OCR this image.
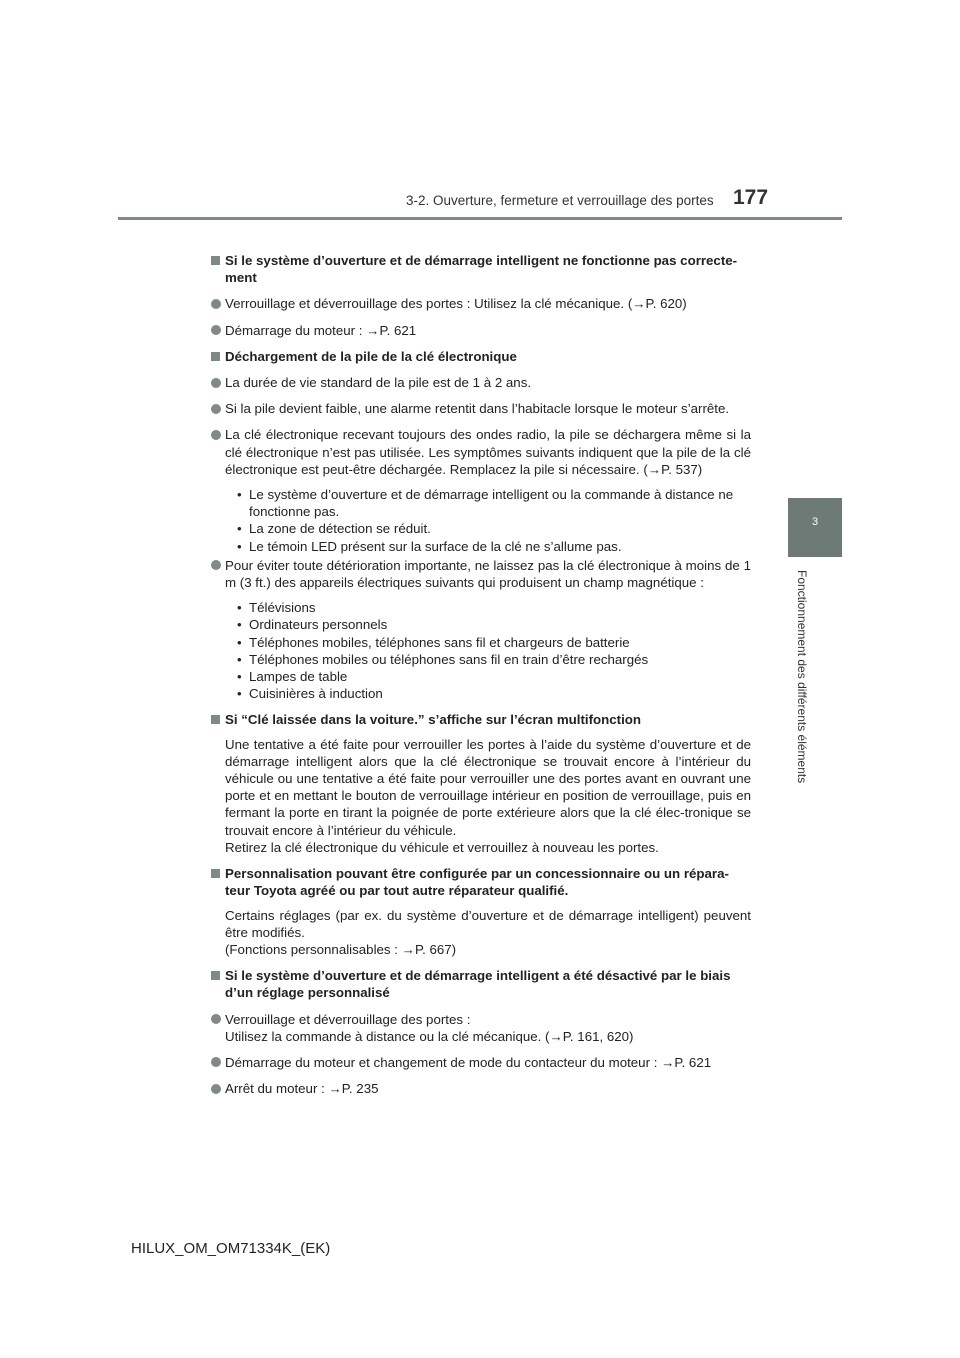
3-2. Ouverture, fermeture et verrouillage des portes 177
3
Fonctionnement des différents éléments
Si le système d’ouverture et de démarrage intelligent ne fonctionne pas correcte-ment
Verrouillage et déverrouillage des portes : Utilisez la clé mécanique. (→P. 620)
Démarrage du moteur : →P. 621
Déchargement de la pile de la clé électronique
La durée de vie standard de la pile est de 1 à 2 ans.
Si la pile devient faible, une alarme retentit dans l’habitacle lorsque le moteur s’arrête.
La clé électronique recevant toujours des ondes radio, la pile se déchargera même si la clé électronique n’est pas utilisée. Les symptômes suivants indiquent que la pile de la clé électronique est peut-être déchargée. Remplacez la pile si nécessaire. (→P. 537)
• Le système d’ouverture et de démarrage intelligent ou la commande à distance ne fonctionne pas.
• La zone de détection se réduit.
• Le témoin LED présent sur la surface de la clé ne s’allume pas.
Pour éviter toute détérioration importante, ne laissez pas la clé électronique à moins de 1 m (3 ft.) des appareils électriques suivants qui produisent un champ magnétique :
• Télévisions
• Ordinateurs personnels
• Téléphones mobiles, téléphones sans fil et chargeurs de batterie
• Téléphones mobiles ou téléphones sans fil en train d’être rechargés
• Lampes de table
• Cuisinières à induction
Si “Clé laissée dans la voiture.” s’affiche sur l’écran multifonction
Une tentative a été faite pour verrouiller les portes à l’aide du système d’ouverture et de démarrage intelligent alors que la clé électronique se trouvait encore à l’intérieur du véhicule ou une tentative a été faite pour verrouiller une des portes avant en ouvrant une porte et en mettant le bouton de verrouillage intérieur en position de verrouillage, puis en fermant la porte en tirant la poignée de porte extérieure alors que la clé élec-tronique se trouvait encore à l’intérieur du véhicule.
Retirez la clé électronique du véhicule et verrouillez à nouveau les portes.
Personnalisation pouvant être configurée par un concessionnaire ou un répara-teur Toyota agréé ou par tout autre réparateur qualifié.
Certains réglages (par ex. du système d’ouverture et de démarrage intelligent) peuvent être modifiés.
(Fonctions personnalisables : →P. 667)
Si le système d’ouverture et de démarrage intelligent a été désactivé par le biais d’un réglage personnalisé
Verrouillage et déverrouillage des portes :
Utilisez la commande à distance ou la clé mécanique. (→P. 161, 620)
Démarrage du moteur et changement de mode du contacteur du moteur : →P. 621
Arrêt du moteur : →P. 235
HILUX_OM_OM71334K_(EK)
